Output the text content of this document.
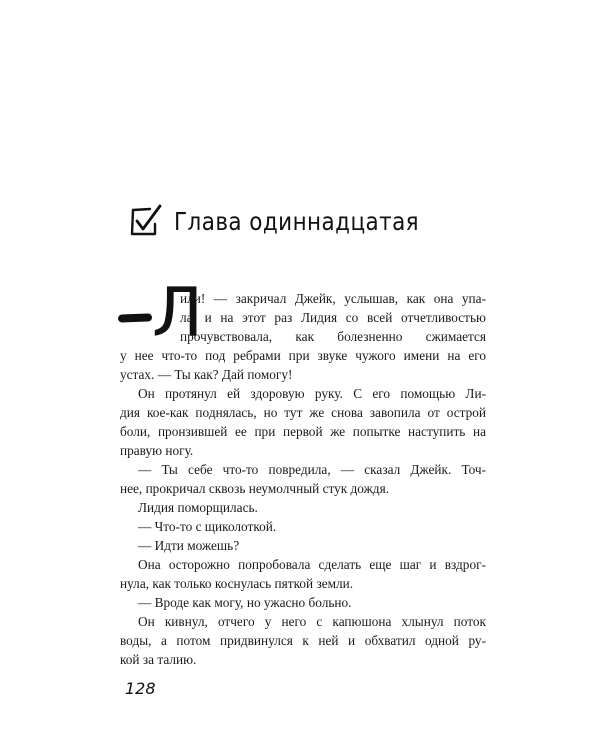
Глава одиннадцатая
Л
или! — закричал Джейк, услышав, как она упа-
ла, и на этот раз Лидия со всей отчетливостью
прочувствовала, как болезненно сжимается
у нее что-то под ребрами при звуке чужого имени на его
устах. — Ты как? Дай помогу!
Он протянул ей здоровую руку. С его помощью Ли-
дия кое-как поднялась, но тут же снова завопила от острой
боли, пронзившей ее при первой же попытке наступить на
правую ногу.
— Ты себе что-то повредила, — сказал Джейк. Точ-
нее, прокричал сквозь неумолчный стук дождя.
Лидия поморщилась.
— Что-то с щиколоткой.
— Идти можешь?
Она осторожно попробовала сделать еще шаг и вздрог-
нула, как только коснулась пяткой земли.
— Вроде как могу, но ужасно больно.
Он кивнул, отчего у него с капюшона хлынул поток
воды, а потом придвинулся к ней и обхватил одной ру-
кой за талию.
128
